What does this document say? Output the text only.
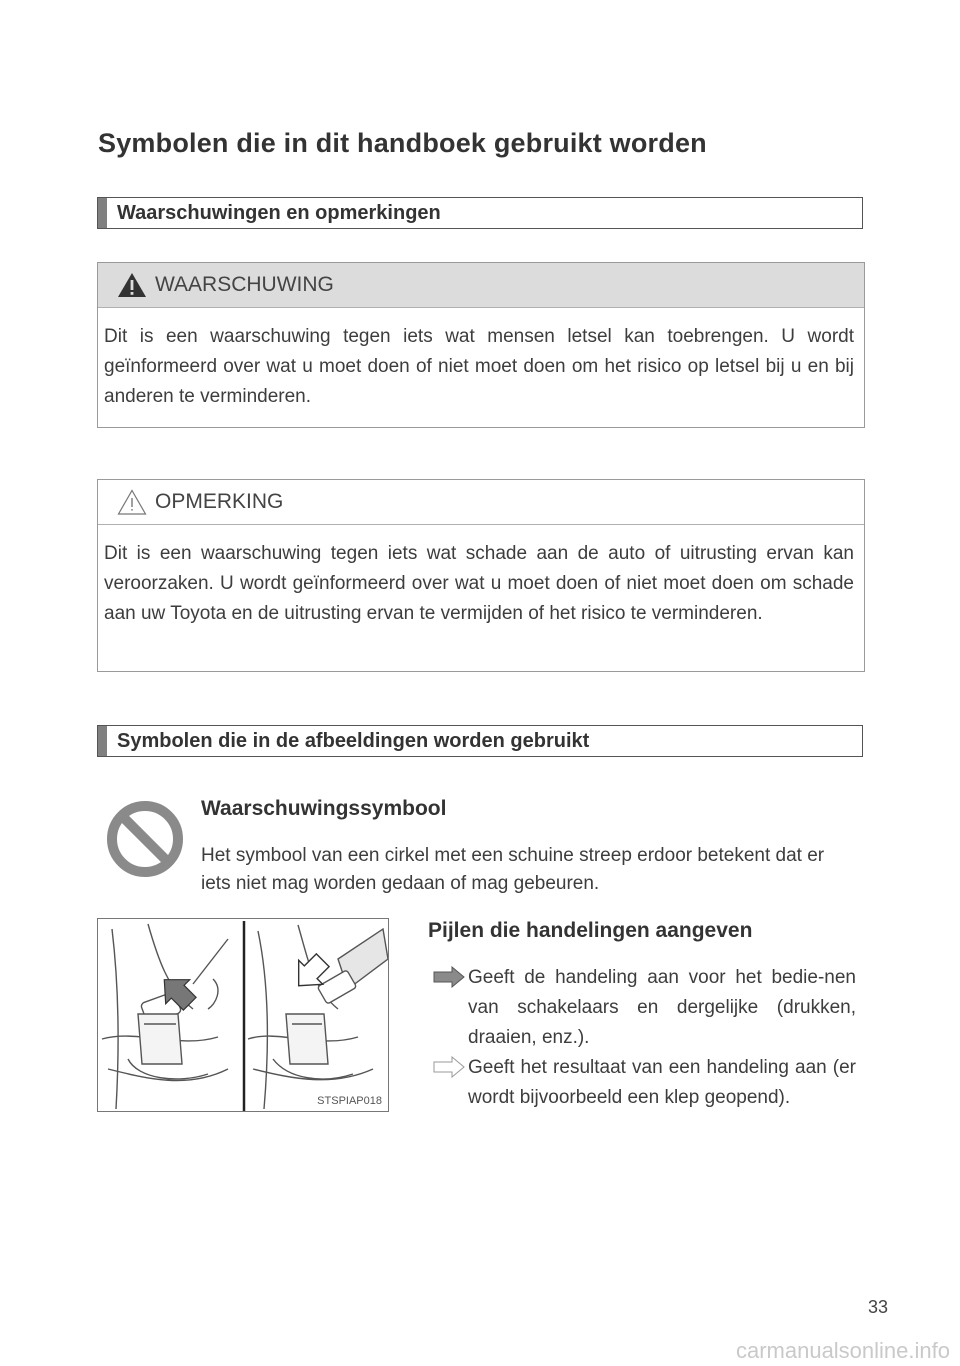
Symbolen die in dit handboek gebruikt worden
Waarschuwingen en opmerkingen
WAARSCHUWING
Dit is een waarschuwing tegen iets wat mensen letsel kan toebrengen. U wordt geïnformeerd over wat u moet doen of niet moet doen om het risico op letsel bij u en bij anderen te verminderen.
OPMERKING
Dit is een waarschuwing tegen iets wat schade aan de auto of uitrusting ervan kan veroorzaken. U wordt geïnformeerd over wat u moet doen of niet moet doen om schade aan uw Toyota en de uitrusting ervan te vermijden of het risico te verminderen.
Symbolen die in de afbeeldingen worden gebruikt
Waarschuwingssymbool
Het symbool van een cirkel met een schuine streep erdoor betekent dat er iets niet mag worden gedaan of mag gebeuren.
STSPIAP018
Pijlen die handelingen aangeven
Geeft de handeling aan voor het bedie-nen van schakelaars en dergelijke (drukken, draaien, enz.).
Geeft het resultaat van een handeling aan (er wordt bijvoorbeeld een klep geopend).
33
carmanualsonline.info
